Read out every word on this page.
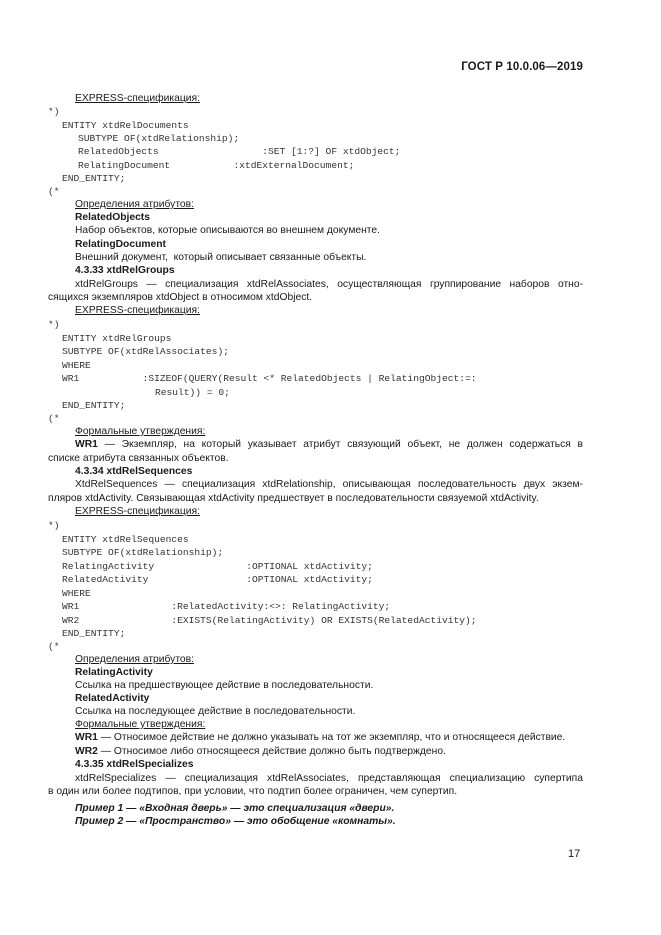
ГОСТ Р 10.0.06—2019
EXPRESS-спецификация:
*)
ENTITY xtdRelDocuments
SUBTYPE OF(xtdRelationship);
RelatedObjects                  :SET [1:?] OF xtdObject;
RelatingDocument           :xtdExternalDocument;
END_ENTITY;
(*
Определения атрибутов:
RelatedObjects
Набор объектов, которые описываются во внешнем документе.
RelatingDocument
Внешний документ,  который описывает связанные объекты.
4.3.33 xtdRelGroups
xtdRelGroups — специализация xtdRelAssociates, осуществляющая группирование наборов отно-
сящихся экземпляров xtdObject в относимом xtdObject.
EXPRESS-спецификация:
*)
ENTITY xtdRelGroups
SUBTYPE OF(xtdRelAssociates);
WHERE
WR1           :SIZEOF(QUERY(Result <* RelatedObjects | RelatingObject:=:
Result)) = 0;
END_ENTITY;
(*
Формальные утверждения:
WR1 — Экземпляр, на который указывает атрибут связующий объект, не должен содержаться в
списке атрибута связанных объектов.
4.3.34 xtdRelSequences
XtdRelSequences — специализация xtdRelationship, описывающая последовательность двух экзем-
пляров xtdActivity. Связывающая xtdActivity предшествует в последовательности связуемой xtdActivity.
EXPRESS-спецификация:
*)
ENTITY xtdRelSequences
SUBTYPE OF(xtdRelationship);
RelatingActivity                :OPTIONAL xtdActivity;
RelatedActivity                 :OPTIONAL xtdActivity;
WHERE
WR1                :RelatedActivity:<>: RelatingActivity;
WR2                :EXISTS(RelatingActivity) OR EXISTS(RelatedActivity);
END_ENTITY;
(*
Определения атрибутов:
RelatingActivity
Ссылка на предшествующее действие в последовательности.
RelatedActivity
Ссылка на последующее действие в последовательности.
Формальные утверждения:
WR1 — Относимое действие не должно указывать на тот же экземпляр, что и относящееся действие.
WR2 — Относимое либо относящееся действие должно быть подтверждено.
4.3.35 xtdRelSpecializes
xtdRelSpecializes — специализация xtdRelAssociates, представляющая специализацию супертипа
в один или более подтипов, при условии, что подтип более ограничен, чем супертип.
Пример 1 — «Входная дверь» — это специализация «двери».
Пример 2 — «Пространство» — это обобщение «комнаты».
17
